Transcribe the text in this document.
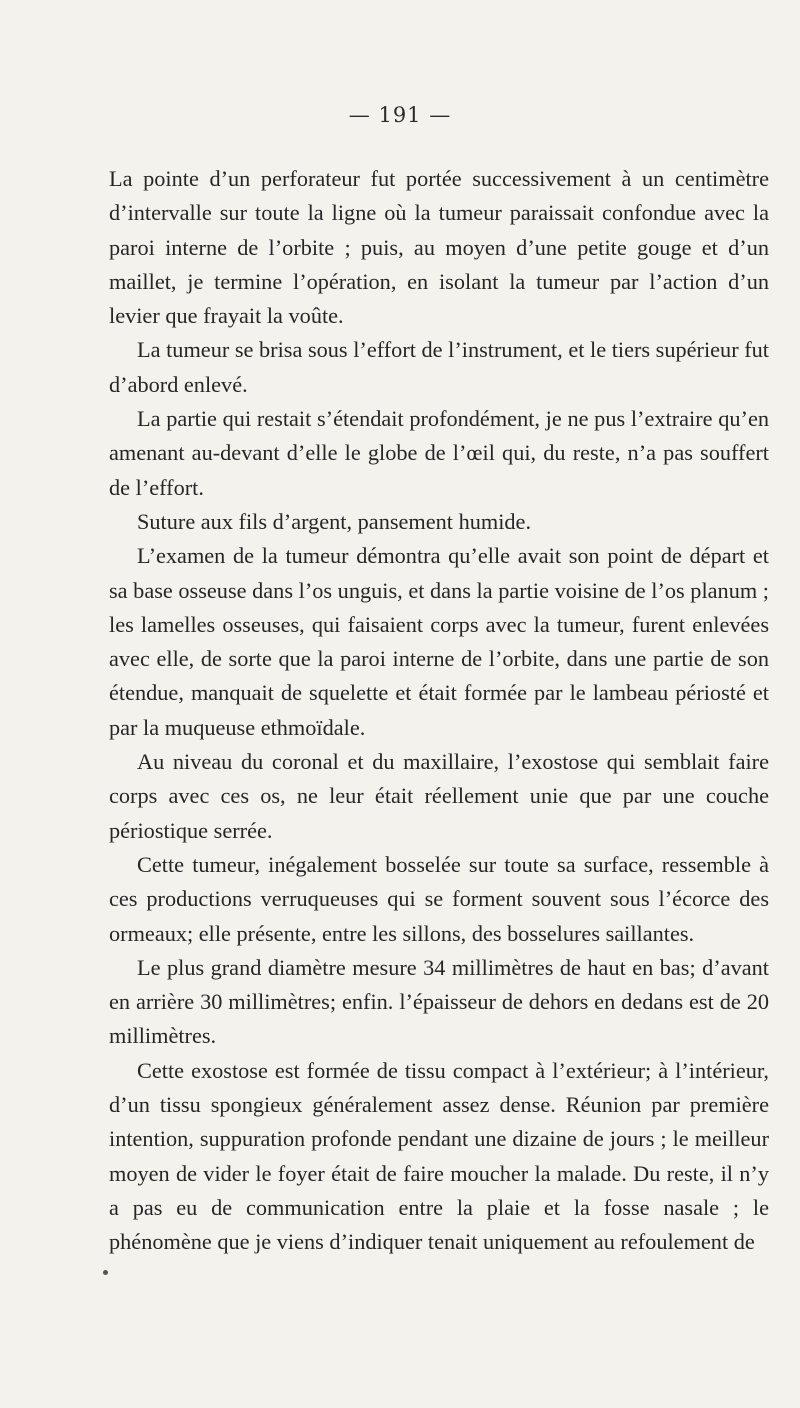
— 191 —

La pointe d’un perforateur fut portée successivement à un centimètre d’intervalle sur toute la ligne où la tumeur paraissait confondue avec la paroi interne de l’orbite ; puis, au moyen d’une petite gouge et d’un maillet, je termine l’opération, en isolant la tumeur par l’action d’un levier que frayait la voûte.

La tumeur se brisa sous l’effort de l’instrument, et le tiers supérieur fut d’abord enlevé.

La partie qui restait s’étendait profondément, je ne pus l’extraire qu’en amenant au-devant d’elle le globe de l’œil qui, du reste, n’a pas souffert de l’effort.

Suture aux fils d’argent, pansement humide.

L’examen de la tumeur démontra qu’elle avait son point de départ et sa base osseuse dans l’os unguis, et dans la partie voisine de l’os planum ; les lamelles osseuses, qui faisaient corps avec la tumeur, furent enlevées avec elle, de sorte que la paroi interne de l’orbite, dans une partie de son étendue, manquait de squelette et était formée par le lambeau périosté et par la muqueuse ethmoïdale.

Au niveau du coronal et du maxillaire, l’exostose qui semblait faire corps avec ces os, ne leur était réellement unie que par une couche périostique serrée.

Cette tumeur, inégalement bosselée sur toute sa surface, ressemble à ces productions verruqueuses qui se forment souvent sous l’écorce des ormeaux; elle présente, entre les sillons, des bosselures saillantes.

Le plus grand diamètre mesure 34 millimètres de haut en bas; d’avant en arrière 30 millimètres; enfin. l’épaisseur de dehors en dedans est de 20 millimètres.

Cette exostose est formée de tissu compact à l’extérieur; à l’intérieur, d’un tissu spongieux généralement assez dense. Réunion par première intention, suppuration profonde pendant une dizaine de jours ; le meilleur moyen de vider le foyer était de faire moucher la malade. Du reste, il n’y a pas eu de communication entre la plaie et la fosse nasale ; le phénomène que je viens d’indiquer tenait uniquement au refoulement de
